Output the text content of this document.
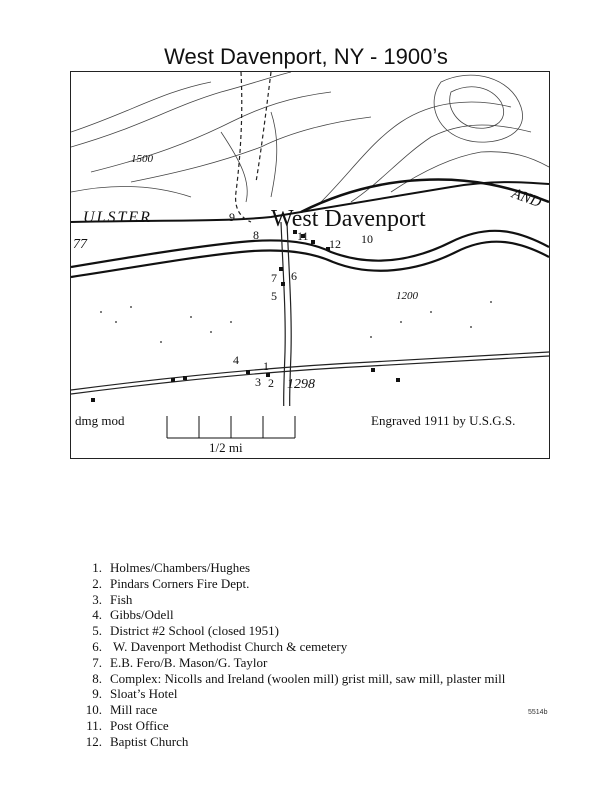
West Davenport, NY - 1900’s
West Davenport
ULSTER
AND
77
1500
1200
1298
1
2
3
4
5
6
7
8
9
10
11
12
dmg mod	Engraved 1911 by U.S.G.S.
1/2 mi
1. Holmes/Chambers/Hughes
2. Pindars Corners Fire Dept.
3. Fish
4. Gibbs/Odell
5. District #2 School (closed 1951)
6. W. Davenport Methodist Church & cemetery
7. E.B. Fero/B. Mason/G. Taylor
8. Complex: Nicolls and Ireland (woolen mill) grist mill, saw mill, plaster mill
9. Sloat’s Hotel
10. Mill race
11. Post Office
12. Baptist Church
5514b
